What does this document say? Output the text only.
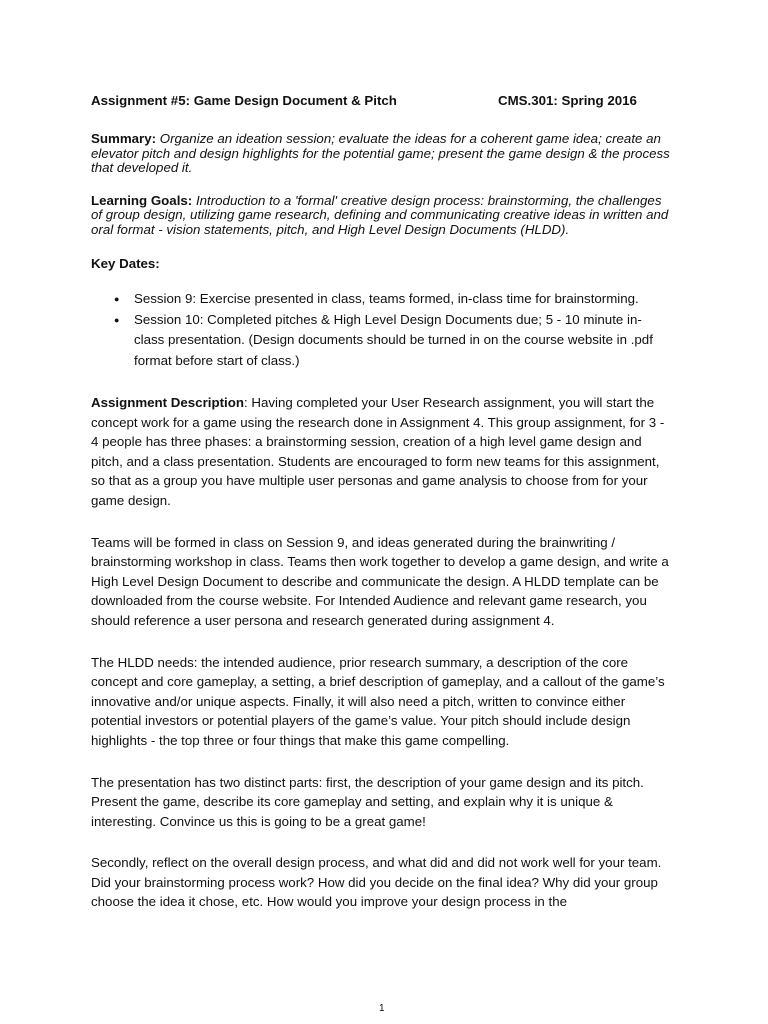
Assignment #5: Game Design Document & Pitch	CMS.301: Spring 2016

Summary: Organize an ideation session; evaluate the ideas for a coherent game idea; create an elevator pitch and design highlights for the potential game; present the game design & the process that developed it.

Learning Goals: Introduction to a 'formal' creative design process: brainstorming, the challenges of group design, utilizing game research, defining and communicating creative ideas in written and oral format - vision statements, pitch, and High Level Design Documents (HLDD).

Key Dates:
● Session 9: Exercise presented in class, teams formed, in-class time for brainstorming.
● Session 10: Completed pitches & High Level Design Documents due; 5 - 10 minute in-class presentation. (Design documents should be turned in on the course website in .pdf format before start of class.)

Assignment Description: Having completed your User Research assignment, you will start the concept work for a game using the research done in Assignment 4. This group assignment, for 3 - 4 people has three phases: a brainstorming session, creation of a high level game design and pitch, and a class presentation. Students are encouraged to form new teams for this assignment, so that as a group you have multiple user personas and game analysis to choose from for your game design.

Teams will be formed in class on Session 9, and ideas generated during the brainwriting / brainstorming workshop in class. Teams then work together to develop a game design, and write a High Level Design Document to describe and communicate the design. A HLDD template can be downloaded from the course website. For Intended Audience and relevant game research, you should reference a user persona and research generated during assignment 4.

The HLDD needs: the intended audience, prior research summary, a description of the core concept and core gameplay, a setting, a brief description of gameplay, and a callout of the game’s innovative and/or unique aspects. Finally, it will also need a pitch, written to convince either potential investors or potential players of the game’s value. Your pitch should include design highlights - the top three or four things that make this game compelling.

The presentation has two distinct parts: first, the description of your game design and its pitch. Present the game, describe its core gameplay and setting, and explain why it is unique & interesting. Convince us this is going to be a great game!

Secondly, reflect on the overall design process, and what did and did not work well for your team. Did your brainstorming process work? How did you decide on the final idea? Why did your group choose the idea it chose, etc. How would you improve your design process in the

1
